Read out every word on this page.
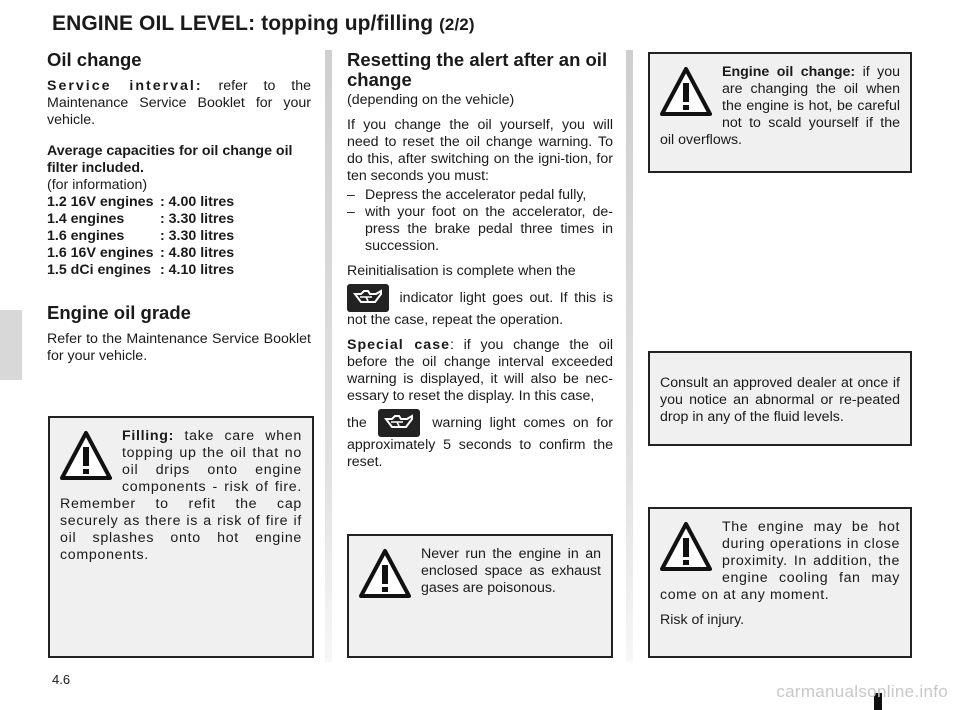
ENGINE OIL LEVEL: topping up/filling (2/2)
Oil change

Service interval: refer to the Maintenance Service Booklet for your vehicle.

Average capacities for oil change oil filter included.
(for information)
1.2 16V engines : 4.00 litres
1.4 engines	: 3.30 litres
1.6 engines	: 3.30 litres
1.6 16V engines : 4.80 litres
1.5 dCi engines : 4.10 litres
Engine oil grade

Refer to the Maintenance Service Booklet for your vehicle.

Resetting the alert after an oil change
(depending on the vehicle)

If you change the oil yourself, you will need to reset the oil change warning. To do this, after switching on the igni-tion, for ten seconds you must:

– Depress the accelerator pedal fully,
– with your foot on the accelerator, de-press the brake pedal three times in succession.

Reinitialisation is complete when the

indicator light goes out. If this is not the case, repeat the operation.

Special case: if you change the oil before the oil change interval exceeded warning is displayed, it will also be nec-essary to reset the display. In this case,

the	warning light comes on for approximately 5 seconds to confirm the reset.

Filling: take care when topping up the oil that no oil drips onto engine components - risk of fire. Remember to refit the cap securely as there is a risk of fire if oil splashes onto hot engine components.	Never run the engine in an enclosed space as exhaust gases are poisonous.

Engine oil change: if you are changing the oil when the engine is hot, be careful not to scald yourself if the oil overflows.

Consult an approved dealer at once if you notice an abnormal or re-peated drop in any of the fluid levels.

The engine may be hot during operations in close proximity. In addition, the engine cooling fan may come on at any moment.

Risk of injury.

4.6
carmanualsonline.info
